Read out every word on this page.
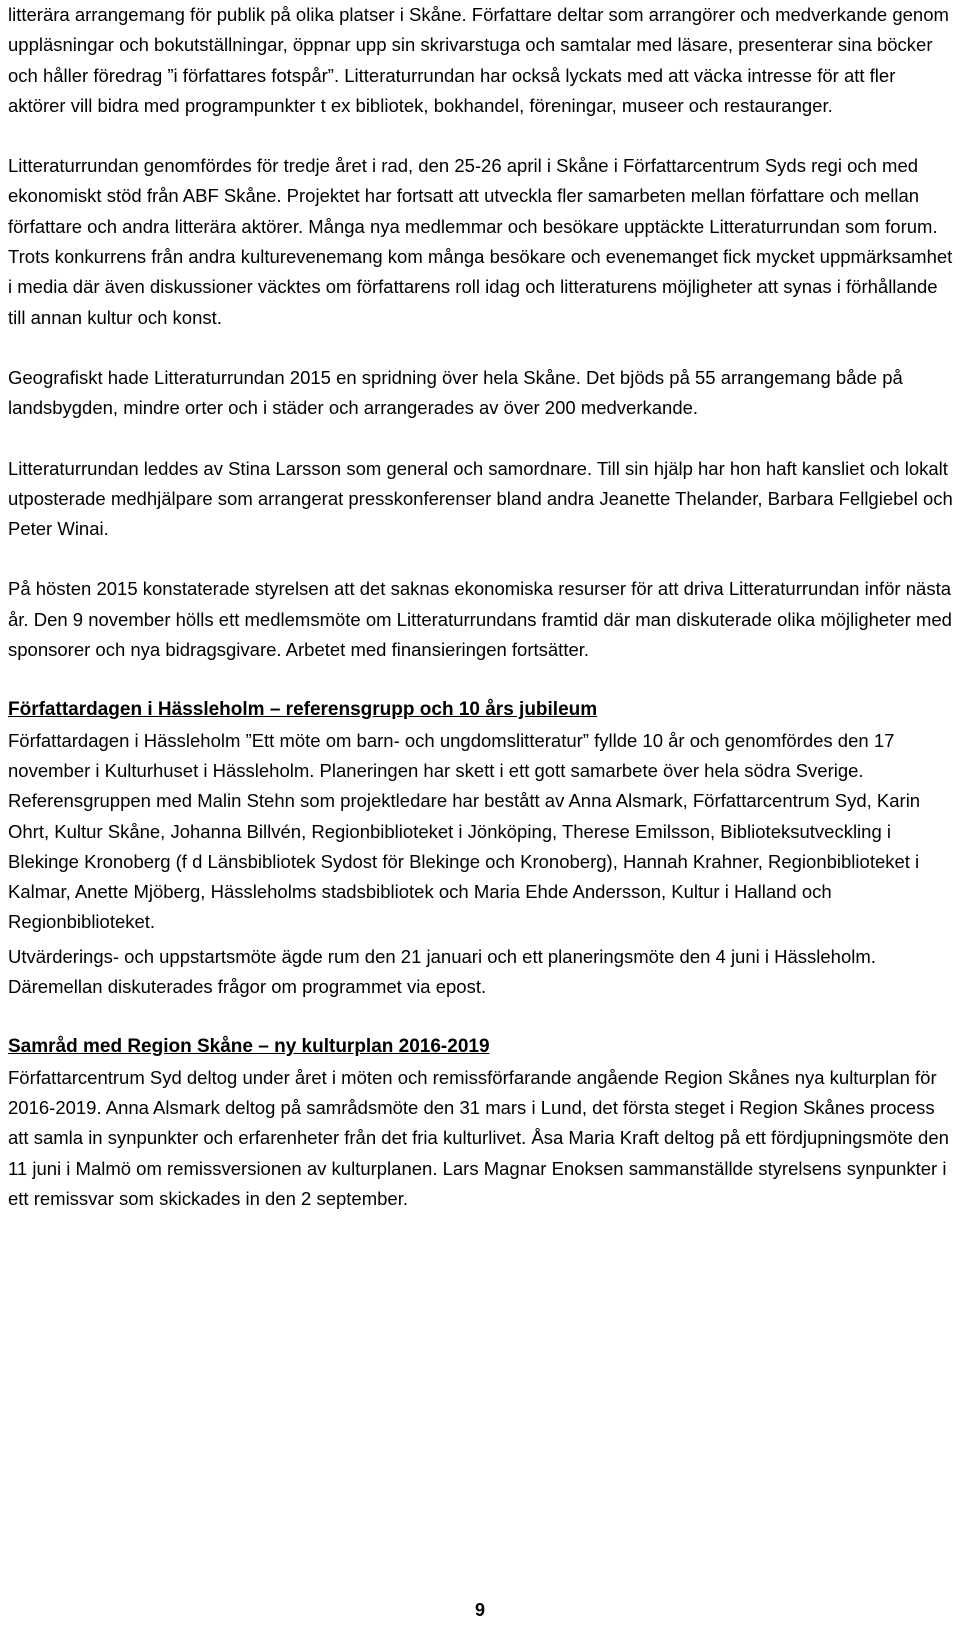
litterära arrangemang för publik på olika platser i Skåne. Författare deltar som arrangörer och medverkande genom uppläsningar och bokutställningar, öppnar upp sin skrivarstuga och samtalar med läsare, presenterar sina böcker och håller föredrag ”i författares fotspår”. Litteraturrundan har också lyckats med att väcka intresse för att fler aktörer vill bidra med programpunkter t ex bibliotek, bokhandel, föreningar, museer och restauranger.

Litteraturrundan genomfördes för tredje året i rad, den 25-26 april i Skåne i Författarcentrum Syds regi och med ekonomiskt stöd från ABF Skåne. Projektet har fortsatt att utveckla fler samarbeten mellan författare och mellan författare och andra litterära aktörer. Många nya medlemmar och besökare upptäckte Litteraturrundan som forum. Trots konkurrens från andra kulturevenemang kom många besökare och evenemanget fick mycket uppmärksamhet i media där även diskussioner väcktes om författarens roll idag och litteraturens möjligheter att synas i förhållande till annan kultur och konst.

Geografiskt hade Litteraturrundan 2015 en spridning över hela Skåne. Det bjöds på 55 arrangemang både på landsbygden, mindre orter och i städer och arrangerades av över 200 medverkande.

Litteraturrundan leddes av Stina Larsson som general och samordnare. Till sin hjälp har hon haft kansliet och lokalt utposterade medhjälpare som arrangerat presskonferenser bland andra Jeanette Thelander, Barbara Fellgiebel och Peter Winai.

På hösten 2015 konstaterade styrelsen att det saknas ekonomiska resurser för att driva Litteraturrundan inför nästa år. Den 9 november hölls ett medlemsmöte om Litteraturrundans framtid där man diskuterade olika möjligheter med sponsorer och nya bidragsgivare. Arbetet med finansieringen fortsätter.

Författardagen i Hässleholm – referensgrupp och 10 års jubileum

Författardagen i Hässleholm ”Ett möte om barn- och ungdomslitteratur” fyllde 10 år och genomfördes den 17 november i Kulturhuset i Hässleholm. Planeringen har skett i ett gott samarbete över hela södra Sverige. Referensgruppen med Malin Stehn som projektledare har bestått av Anna Alsmark, Författarcentrum Syd, Karin Ohrt, Kultur Skåne, Johanna Billvén, Regionbiblioteket i Jönköping, Therese Emilsson, Biblioteksutveckling i Blekinge Kronoberg (f d Länsbibliotek Sydost för Blekinge och Kronoberg), Hannah Krahner, Regionbiblioteket i Kalmar, Anette Mjöberg, Hässleholms stadsbibliotek och Maria Ehde Andersson, Kultur i Halland och Regionbiblioteket.

Utvärderings- och uppstartsmöte ägde rum den 21 januari och ett planeringsmöte den 4 juni i Hässleholm. Däremellan diskuterades frågor om programmet via epost.

Samråd med Region Skåne – ny kulturplan 2016-2019

Författarcentrum Syd deltog under året i möten och remissförfarande angående Region Skånes nya kulturplan för 2016-2019. Anna Alsmark deltog på samrådsmöte den 31 mars i Lund, det första steget i Region Skånes process att samla in synpunkter och erfarenheter från det fria kulturlivet. Åsa Maria Kraft deltog på ett fördjupningsmöte den 11 juni i Malmö om remissversionen av kulturplanen. Lars Magnar Enoksen sammanställde styrelsens synpunkter i ett remissvar som skickades in den 2 september.

9
